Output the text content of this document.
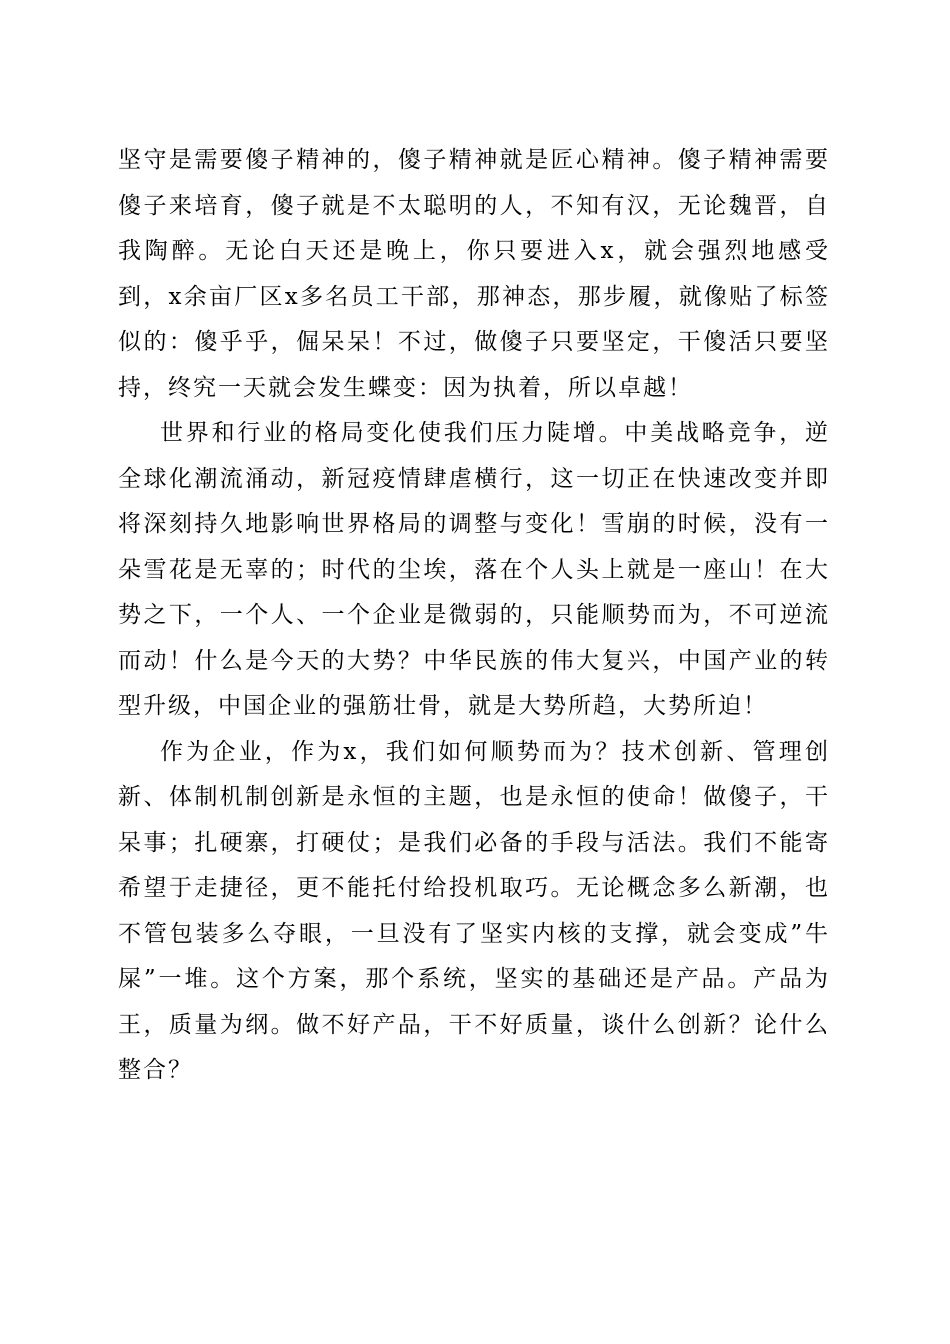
坚守是需要傻子精神的，傻子精神就是匠心精神。傻子精神需要傻子来培育，傻子就是不太聪明的人，不知有汉，无论魏晋，自我陶醉。无论白天还是晚上，你只要进入x，就会强烈地感受到，x余亩厂区x多名员工干部，那神态，那步履，就像贴了标签似的：傻乎乎，倔呆呆！不过，做傻子只要坚定，干傻活只要坚持，终究一天就会发生蝶变：因为执着，所以卓越！

世界和行业的格局变化使我们压力陡增。中美战略竞争，逆全球化潮流涌动，新冠疫情肆虐横行，这一切正在快速改变并即将深刻持久地影响世界格局的调整与变化！雪崩的时候，没有一朵雪花是无辜的；时代的尘埃，落在个人头上就是一座山！在大势之下，一个人、一个企业是微弱的，只能顺势而为，不可逆流而动！什么是今天的大势？中华民族的伟大复兴，中国产业的转型升级，中国企业的强筋壮骨，就是大势所趋，大势所迫！

作为企业，作为x，我们如何顺势而为？技术创新、管理创新、体制机制创新是永恒的主题，也是永恒的使命！做傻子，干呆事；扎硬寨，打硬仗；是我们必备的手段与活法。我们不能寄希望于走捷径，更不能托付给投机取巧。无论概念多么新潮，也不管包装多么夺眼，一旦没有了坚实内核的支撑，就会变成”牛屎”一堆。这个方案，那个系统，坚实的基础还是产品。产品为王，质量为纲。做不好产品，干不好质量，谈什么创新？论什么整合？
